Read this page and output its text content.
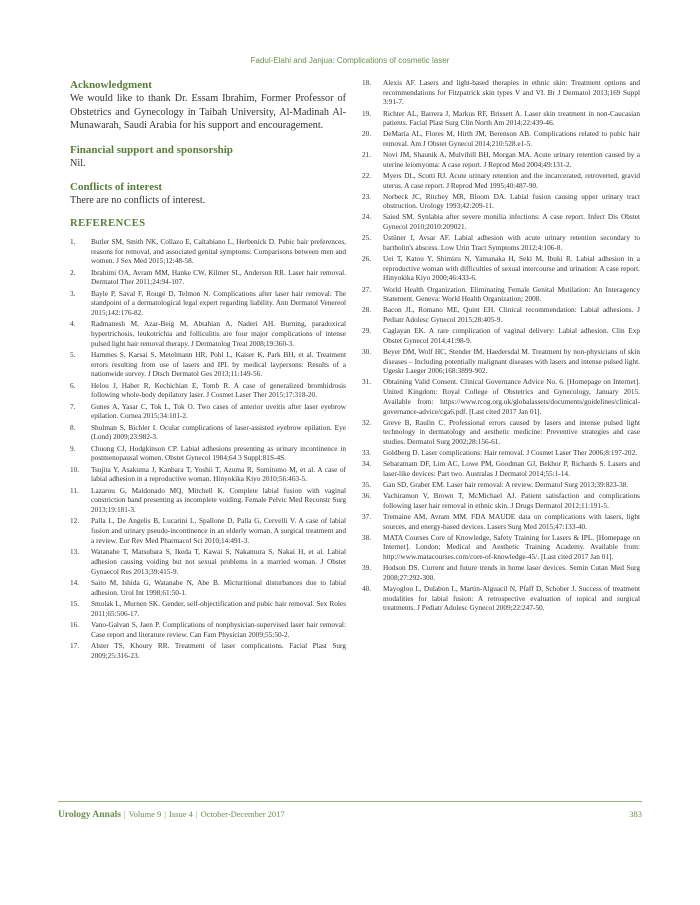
Fadul-Elahi and Janjua: Complications of cosmetic laser
Acknowledgment

We would like to thank Dr. Essam Ibrahim, Former Professor of Obstetrics and Gynecology in Taibah University, Al-Madinah Al-Munawarah, Saudi Arabia for his support and encouragement.

Financial support and sponsorship

Nil.

Conflicts of interest

There are no conflicts of interest.

REFERENCES
1.	Butler SM, Smith NK, Collazo E, Caltabiano L, Herbenick D. Pubic hair preferences, reasons for removal, and associated genital symptoms: Comparisons between men and women. J Sex Med 2015;12:48-58.
2.	Ibrahimi OA, Avram MM, Hanke CW, Kilmer SL, Anderson RR. Laser hair removal. Dermatol Ther 2011;24:94-107.
3.	Bayle P, Saval F, Rougé D, Telmon N. Complications after laser hair removal: The standpoint of a dermatological legal expert regarding liability. Ann Dermatol Venereol 2015;142:176-82.
4.	Radmanesh M, Azar-Beig M, Abtahian A, Naderi AH. Burning, paradoxical hypertrichosis, leukotrichia and folliculitis are four major complications of intense pulsed light hair removal therapy. J Dermatolog Treat 2008;19:360-3.
5.	Hammes S, Karsai S, Metelmann HR, Pohl L, Kaiser K, Park BH, et al. Treatment errors resulting from use of lasers and IPL by medical laypersons: Results of a nationwide survey. J Dtsch Dermatol Ges 2013;11:149-56.
6.	Helou J, Haber R, Kechichian E, Tomb R. A case of generalized bromhidrosis following whole-body depilatory laser. J Cosmet Laser Ther 2015;17:318-20.
7.	Gunes A, Yasar C, Tok L, Tok O. Two cases of anterior uveitis after laser eyebrow epilation. Cornea 2015;34:101-2.
8.	Shulman S, Bichler I. Ocular complications of laser-assisted eyebrow epilation. Eye (Lond) 2009;23:982-3.
9.	Chuong CJ, Hodgkinson CP. Labial adhesions presenting as urinary incontinence in postmenopausal women. Obstet Gynecol 1984;64 3 Suppl:81S-4S.
10.	Tsujita Y, Asakuma J, Kanbara T, Yoshii T, Azuma R, Sumitomo M, et al. A case of labial adhesion in a reproductive woman. Hinyokika Kiyo 2010;56:463-5.
11.	Lazarou G, Maldonado MQ, Mitchell K. Complete labial fusion with vaginal constriction band presenting as incomplete voiding. Female Pelvic Med Reconstr Surg 2013;19:181-3.
12.	Palla L, De Angelis B, Lucarini L, Spallone D, Palla G, Cervelli V. A case of labial fusion and urinary pseudo-incontinence in an elderly woman. A surgical treatment and a review. Eur Rev Med Pharmacol Sci 2010;14:491-3.
13.	Watanabe T, Matsubara S, Ikeda T, Kawai S, Nakamura S, Nakai H, et al. Labial adhesion causing voiding but not sexual problems in a married woman. J Obstet Gynaecol Res 2013;39:415-9.
14.	Saito M, Ishida G, Watanabe N, Abe B. Micturitional disturbances due to labial adhesion. Urol Int 1998;61:50-1.
15.	Smolak L, Murnen SK. Gender, self-objectification and pubic hair removal. Sex Roles 2011;65:506-17.
16.	Vano-Galvan S, Jaen P. Complications of nonphysician-supervised laser hair removal: Case report and literature review. Can Fam Physician 2009;55:50-2.
17.	Alster TS, Khoury RR. Treatment of laser complications. Facial Plast Surg 2009;25:316-23.
18.	Alexis AF. Lasers and light-based therapies in ethnic skin: Treatment options and recommendations for Fitzpatrick skin types V and VI. Br J Dermatol 2013;169 Suppl 3:91-7.
19.	Richter AL, Barrera J, Markus RF, Brissett A. Laser skin treatment in non-Caucasian patients. Facial Plast Surg Clin North Am 2014;22:439-46.
20.	DeMaria AL, Flores M, Hirth JM, Berenson AB. Complications related to pubic hair removal. Am J Obstet Gynecol 2014;210:528.e1-5.
21.	Novi JM, Shaunik A, Mulvihill BH, Morgan MA. Acute urinary retention caused by a uterine leiomyoma: A case report. J Reprod Med 2004;49:131-2.
22.	Myers DL, Scotti RJ. Acute urinary retention and the incarcerated, retroverted, gravid uterus. A case report. J Reprod Med 1995;40:487-90.
23.	Norbeck JC, Ritchey MR, Bloom DA. Labial fusion causing upper urinary tract obstruction. Urology 1993;42:209-11.
24.	Saied SM. Synlabia after severe monilia infections: A case report. Infect Dis Obstet Gynecol 2010;2010:209021.
25.	Üstüner I, Avsar AF. Labial adhesion with acute urinary retention secondary to bartholin's abscess. Low Urin Tract Symptoms 2012;4:106-8.
26.	Uei T, Katou Y, Shimizu N, Yamanaka H, Seki M, Ibuki R. Labial adhesion in a reproductive woman with difficulties of sexual intercourse and urination: A case report. Hinyokika Kiyo 2000;46:433-6.
27.	World Health Organization. Eliminating Female Genital Mutilation: An Interagency Statement. Geneva: World Health Organization; 2008.
28.	Bacon JL, Romano ME, Quint EH. Clinical recommendation: Labial adhesions. J Pediatr Adolesc Gynecol 2015;28:405-9.
29.	Caglayan EK. A rare complication of vaginal delivery: Labial adhesion. Clin Exp Obstet Gynecol 2014;41:98-9.
30.	Beyer DM, Wolf HC, Stender IM, Haedersdal M. Treatment by non-physicians of skin diseases – Including potentially malignant diseases with lasers and intense pulsed light. Ugeskr Laeger 2006;168:3899-902.
31.	Obtaining Valid Consent. Clinical Governance Advice No. 6. [Homepage on Internet]. United Kingdom: Royal College of Obstetrics and Gynecology, January 2015. Available from: https://www.rcog.org.uk/globalassets/documents/guidelines/clinical-governance-advice/cga6.pdf. [Last cited 2017 Jan 01].
32.	Greve B, Raulin C. Professional errors caused by lasers and intense pulsed light technology in dermatology and aesthetic medicine: Preventive strategies and case studies. Dermatol Surg 2002;28:156-61.
33.	Goldberg D. Laser complications: Hair removal. J Cosmet Laser Ther 2006;8:197-202.
34.	Sebaratnam DF, Lim AC, Lowe PM, Goodman GJ, Bekhor P, Richards S. Lasers and laser-like devices: Part two. Australas J Dermatol 2014;55:1-14.
35.	Gan SD, Graber EM. Laser hair removal: A review. Dermatol Surg 2013;39:823-38.
36.	Vachiramon V, Brown T, McMichael AJ. Patient satisfaction and complications following laser hair removal in ethnic skin. J Drugs Dermatol 2012;11:191-5.
37.	Tremaine AM, Avram MM. FDA MAUDE data on complications with lasers, light sources, and energy-based devices. Lasers Surg Med 2015;47:133-40.
38.	MATA Courses Core of Knowledge, Safety Training for Lasers & IPL. [Homepage on Internet]. London; Medical and Aesthetic Training Academy. Available from: http://www.matacourses.com/core-of-knowledge-45/. [Last cited 2017 Jan 01].
39.	Hodson DS. Current and future trends in home laser devices. Semin Cutan Med Surg 2008;27:292-300.
40.	Mayoglou L, Dulabon L, Martin-Alguacil N, Pfaff D, Schober J. Success of treatment modalities for labial fusion: A retrospective evaluation of topical and surgical treatments. J Pediatr Adolesc Gynecol 2009;22:247-50.
Urology Annals | Volume 9 | Issue 4 | October-December 2017	383
